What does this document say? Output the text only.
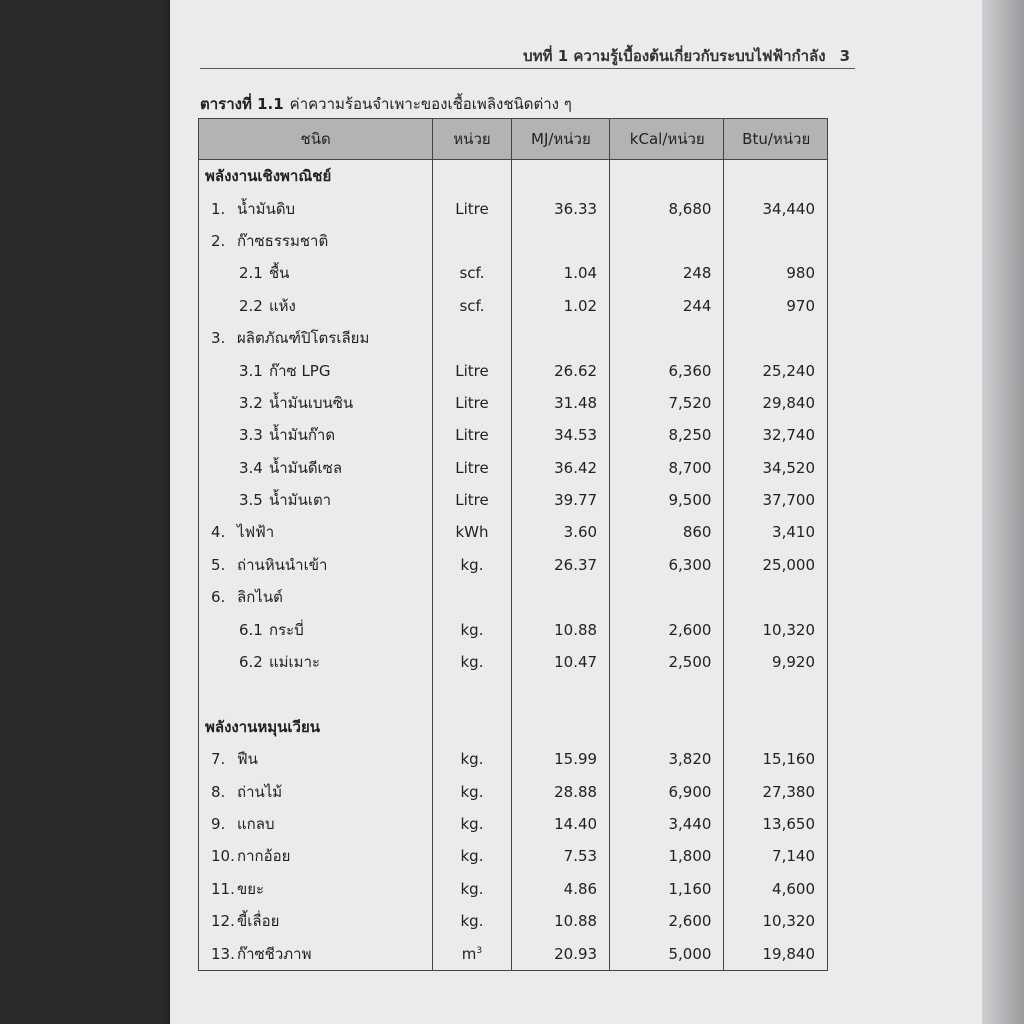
บทที่ 1 ความรู้เบื้องต้นเกี่ยวกับระบบไฟฟ้ากำลัง 3
ตารางที่ 1.1 ค่าความร้อนจำเพาะของเชื้อเพลิงชนิดต่าง ๆ
ชนิด	หน่วย	MJ/หน่วย	kCal/หน่วย	Btu/หน่วย
พลังงานเชิงพาณิชย์				
1. น้ำมันดิบ	Litre	36.33	8,680	34,440
2. ก๊าซธรรมชาติ				
2.1 ชื้น	scf.	1.04	248	980
2.2 แห้ง	scf.	1.02	244	970
3. ผลิตภัณฑ์ปิโตรเลียม				
3.1 ก๊าซ LPG	Litre	26.62	6,360	25,240
3.2 น้ำมันเบนซิน	Litre	31.48	7,520	29,840
3.3 น้ำมันก๊าด	Litre	34.53	8,250	32,740
3.4 น้ำมันดีเซล	Litre	36.42	8,700	34,520
3.5 น้ำมันเตา	Litre	39.77	9,500	37,700
4. ไฟฟ้า	kWh	3.60	860	3,410
5. ถ่านหินนำเข้า	kg.	26.37	6,300	25,000
6. ลิกไนต์				
6.1 กระบี่	kg.	10.88	2,600	10,320
6.2 แม่เมาะ	kg.	10.47	2,500	9,920

พลังงานหมุนเวียน				
7. ฟืน	kg.	15.99	3,820	15,160
8. ถ่านไม้	kg.	28.88	6,900	27,380
9. แกลบ	kg.	14.40	3,440	13,650
10. กากอ้อย	kg.	7.53	1,800	7,140
11. ขยะ	kg.	4.86	1,160	4,600
12. ขี้เลื่อย	kg.	10.88	2,600	10,320
13. ก๊าซชีวภาพ	$m^3$	20.93	5,000	19,840
